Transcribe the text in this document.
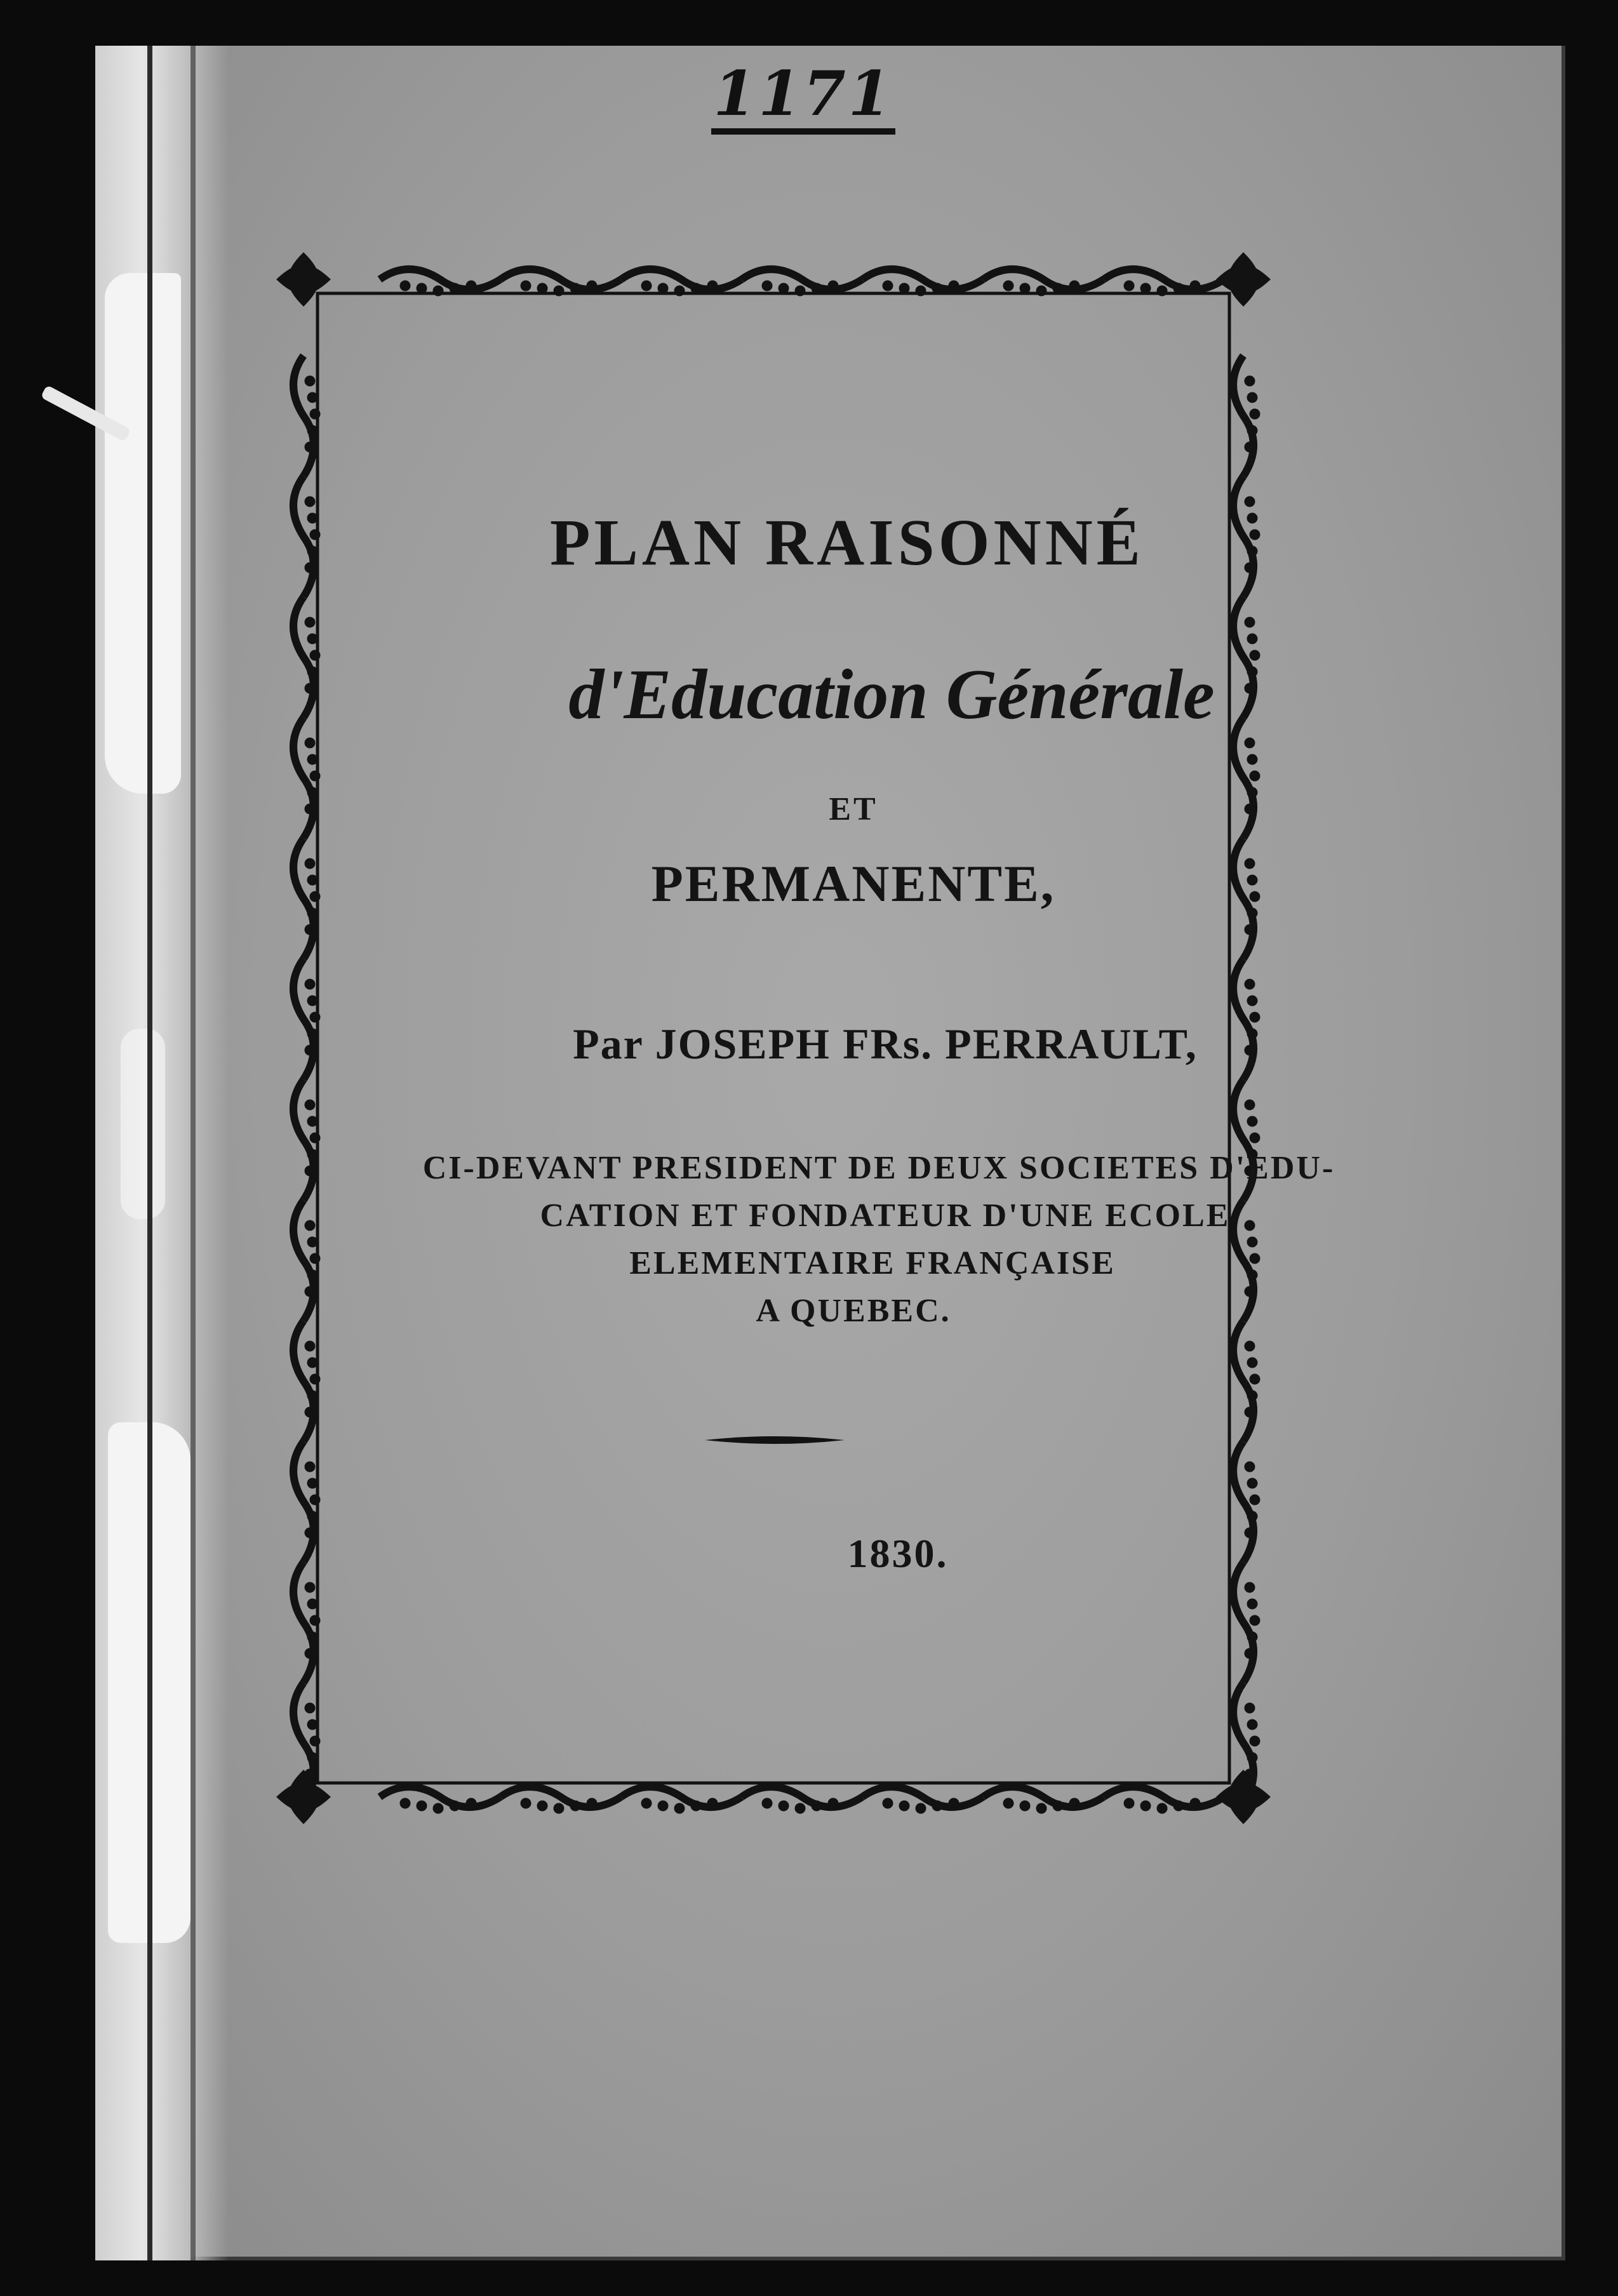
1171
PLAN RAISONNÉ
d'Education Générale
ET
PERMANENTE,
Par JOSEPH FRs. PERRAULT,
CI-DEVANT PRESIDENT DE DEUX SOCIETES D'EDU-
CATION ET FONDATEUR D'UNE ECOLE
ELEMENTAIRE FRANÇAISE
A QUEBEC.
1830.
